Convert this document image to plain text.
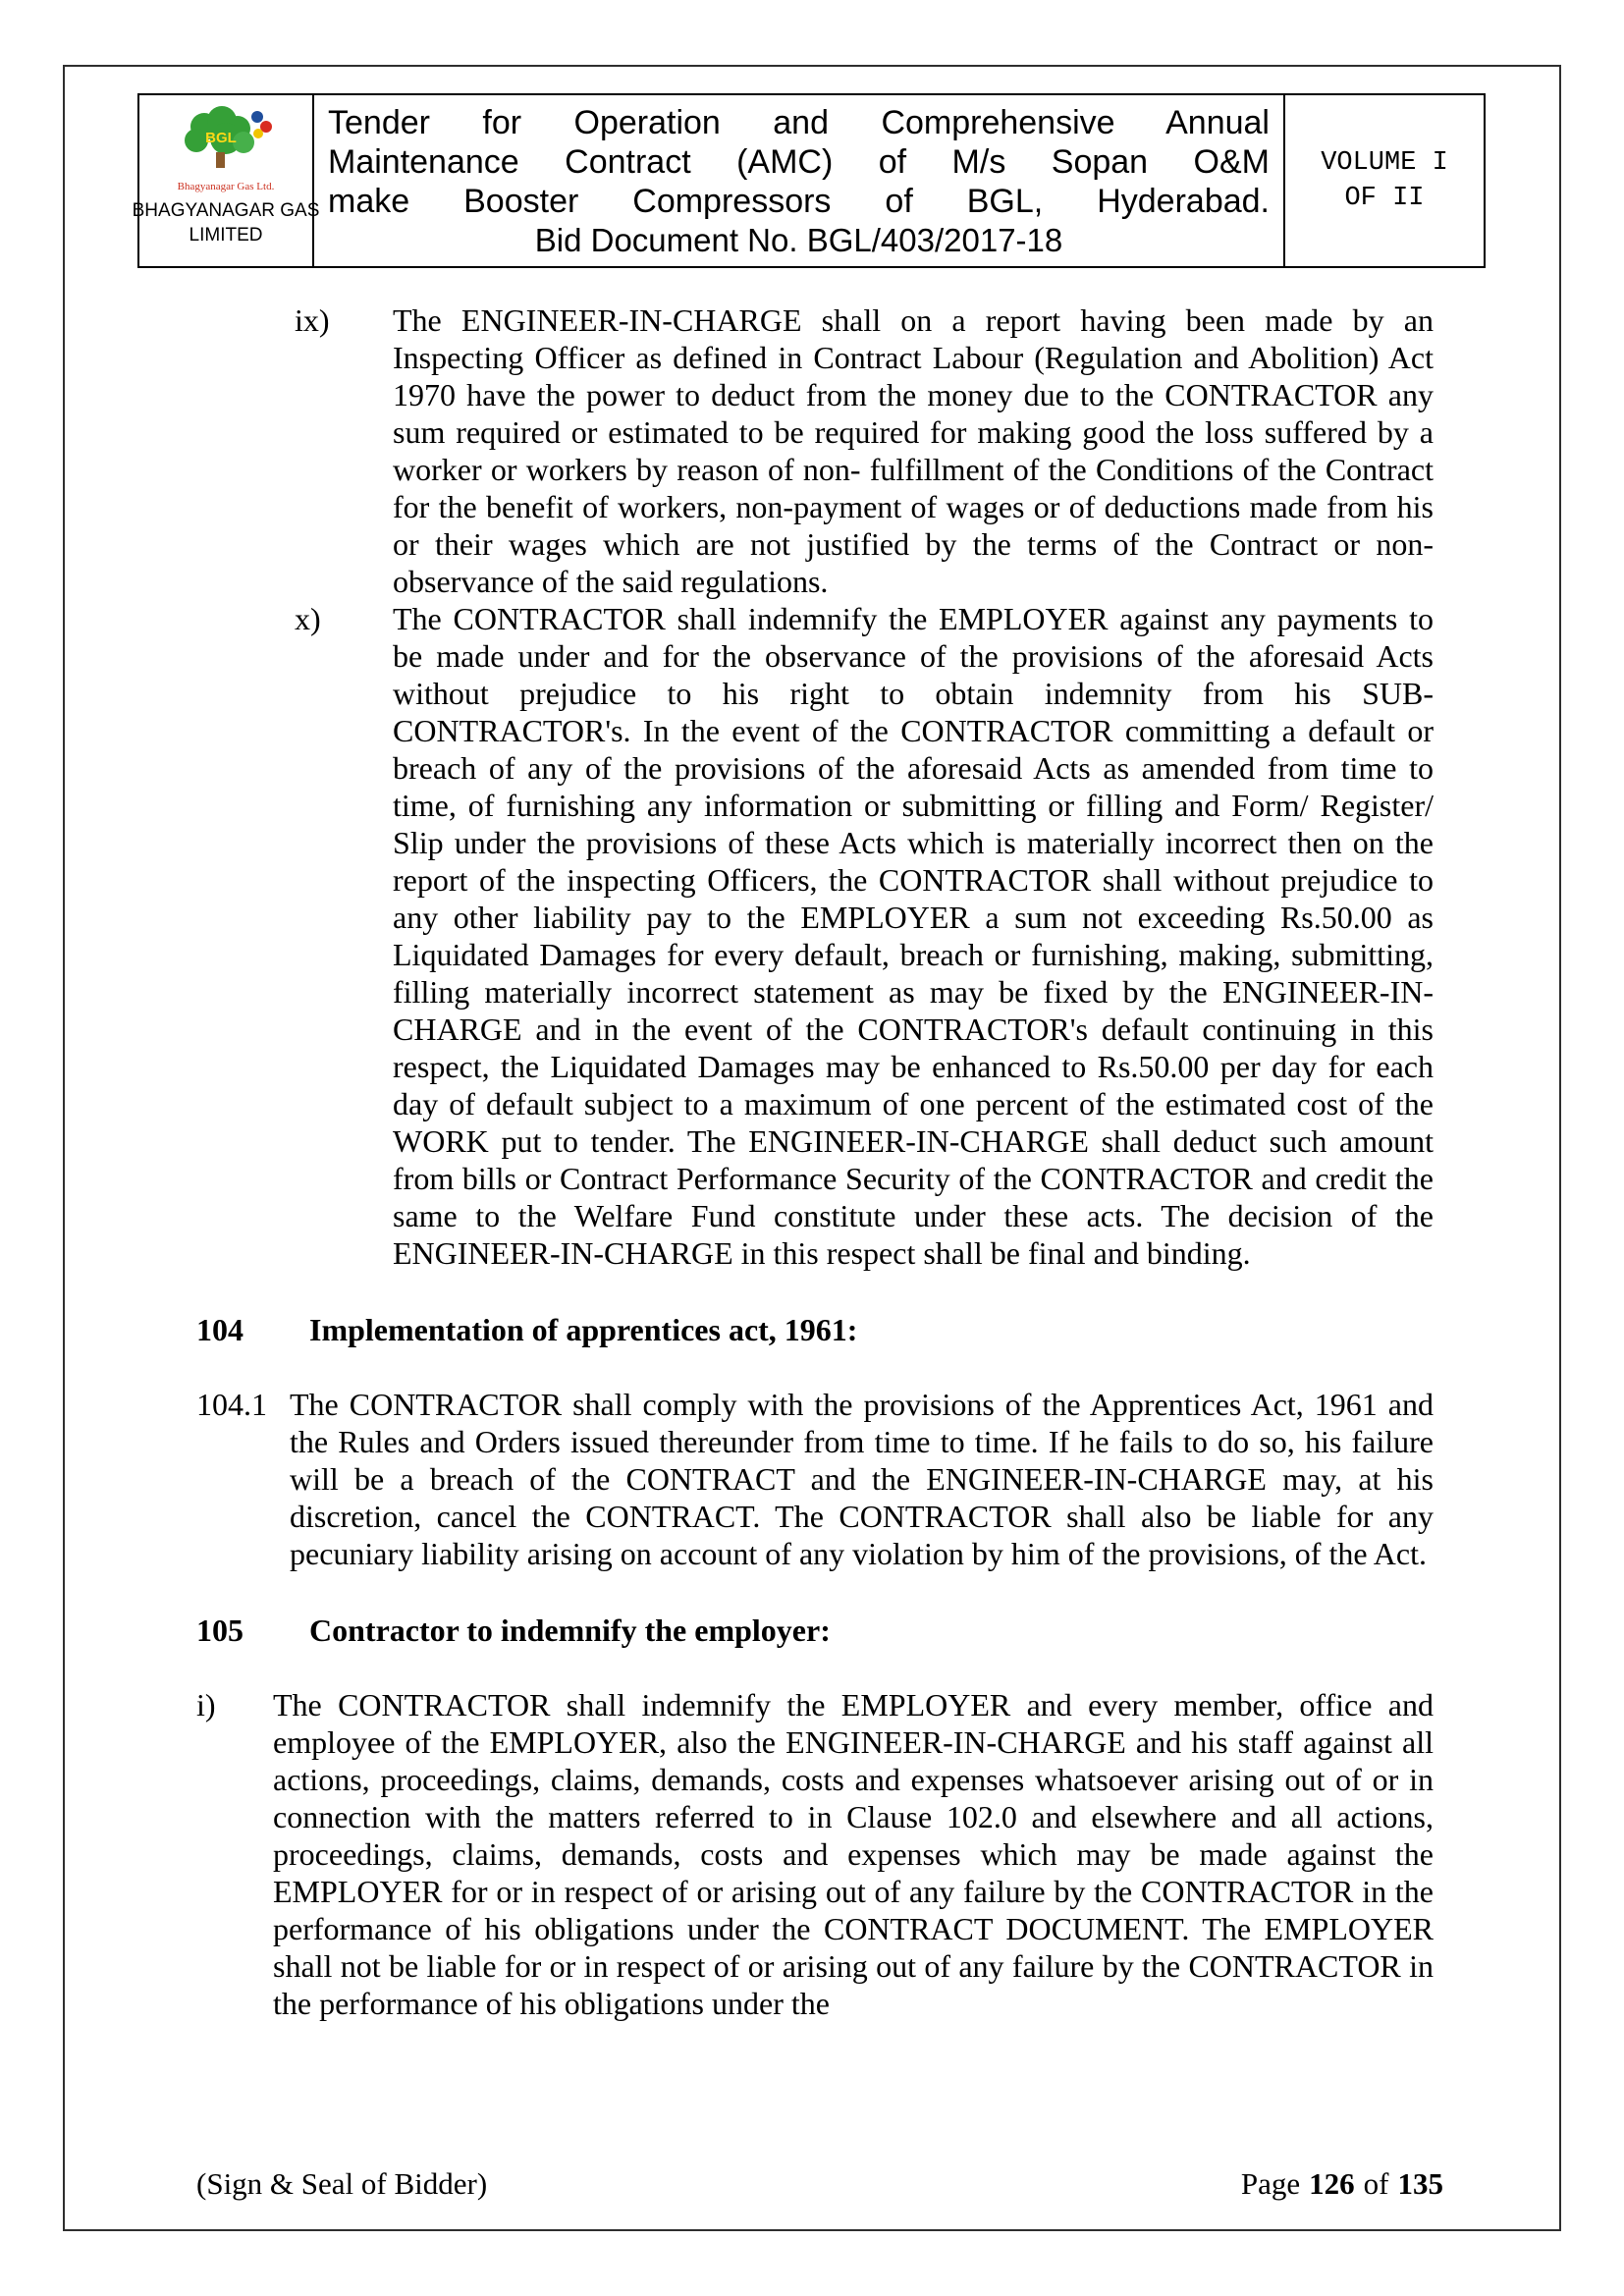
BGL
Bhagyanagar Gas Ltd.
BHAGYANAGAR GAS
LIMITED
Tender for Operation and Comprehensive Annual
Maintenance Contract (AMC) of M/s Sopan O&M
make Booster Compressors of BGL, Hyderabad.
Bid Document No. BGL/403/2017-18
VOLUME I
OF II
ix) The ENGINEER-IN-CHARGE shall on a report having been made by an Inspecting Officer as defined in Contract Labour (Regulation and Abolition) Act 1970 have the power to deduct from the money due to the CONTRACTOR any sum required or estimated to be required for making good the loss suffered by a worker or workers by reason of non- fulfillment of the Conditions of the Contract for the benefit of workers, non-payment of wages or of deductions made from his or their wages which are not justified by the terms of the Contract or non-observance of the said regulations.
x) The CONTRACTOR shall indemnify the EMPLOYER against any payments to be made under and for the observance of the provisions of the aforesaid Acts without prejudice to his right to obtain indemnity from his SUB-CONTRACTOR's. In the event of the CONTRACTOR committing a default or breach of any of the provisions of the aforesaid Acts as amended from time to time, of furnishing any information or submitting or filling and Form/ Register/ Slip under the provisions of these Acts which is materially incorrect then on the report of the inspecting Officers, the CONTRACTOR shall without prejudice to any other liability pay to the EMPLOYER a sum not exceeding Rs.50.00 as Liquidated Damages for every default, breach or furnishing, making, submitting, filling materially incorrect statement as may be fixed by the ENGINEER-IN- CHARGE and in the event of the CONTRACTOR's default continuing in this respect, the Liquidated Damages may be enhanced to Rs.50.00 per day for each day of default subject to a maximum of one percent of the estimated cost of the WORK put to tender. The ENGINEER-IN-CHARGE shall deduct such amount from bills or Contract Performance Security of the CONTRACTOR and credit the same to the Welfare Fund constitute under these acts. The decision of the ENGINEER-IN-CHARGE in this respect shall be final and binding.
104	Implementation of apprentices act, 1961:
104.1 The CONTRACTOR shall comply with the provisions of the Apprentices Act, 1961 and the Rules and Orders issued thereunder from time to time. If he fails to do so, his failure will be a breach of the CONTRACT and the ENGINEER-IN-CHARGE may, at his discretion, cancel the CONTRACT. The CONTRACTOR shall also be liable for any pecuniary liability arising on account of any violation by him of the provisions, of the Act.
105	Contractor to indemnify the employer:
i) The CONTRACTOR shall indemnify the EMPLOYER and every member, office and employee of the EMPLOYER, also the ENGINEER-IN-CHARGE and his staff against all actions, proceedings, claims, demands, costs and expenses whatsoever arising out of or in connection with the matters referred to in Clause 102.0 and elsewhere and all actions, proceedings, claims, demands, costs and expenses which may be made against the EMPLOYER for or in respect of or arising out of any failure by the CONTRACTOR in the performance of his obligations under the CONTRACT DOCUMENT. The EMPLOYER shall not be liable for or in respect of or arising out of any failure by the CONTRACTOR in the performance of his obligations under the
(Sign & Seal of Bidder)	Page 126 of 135
